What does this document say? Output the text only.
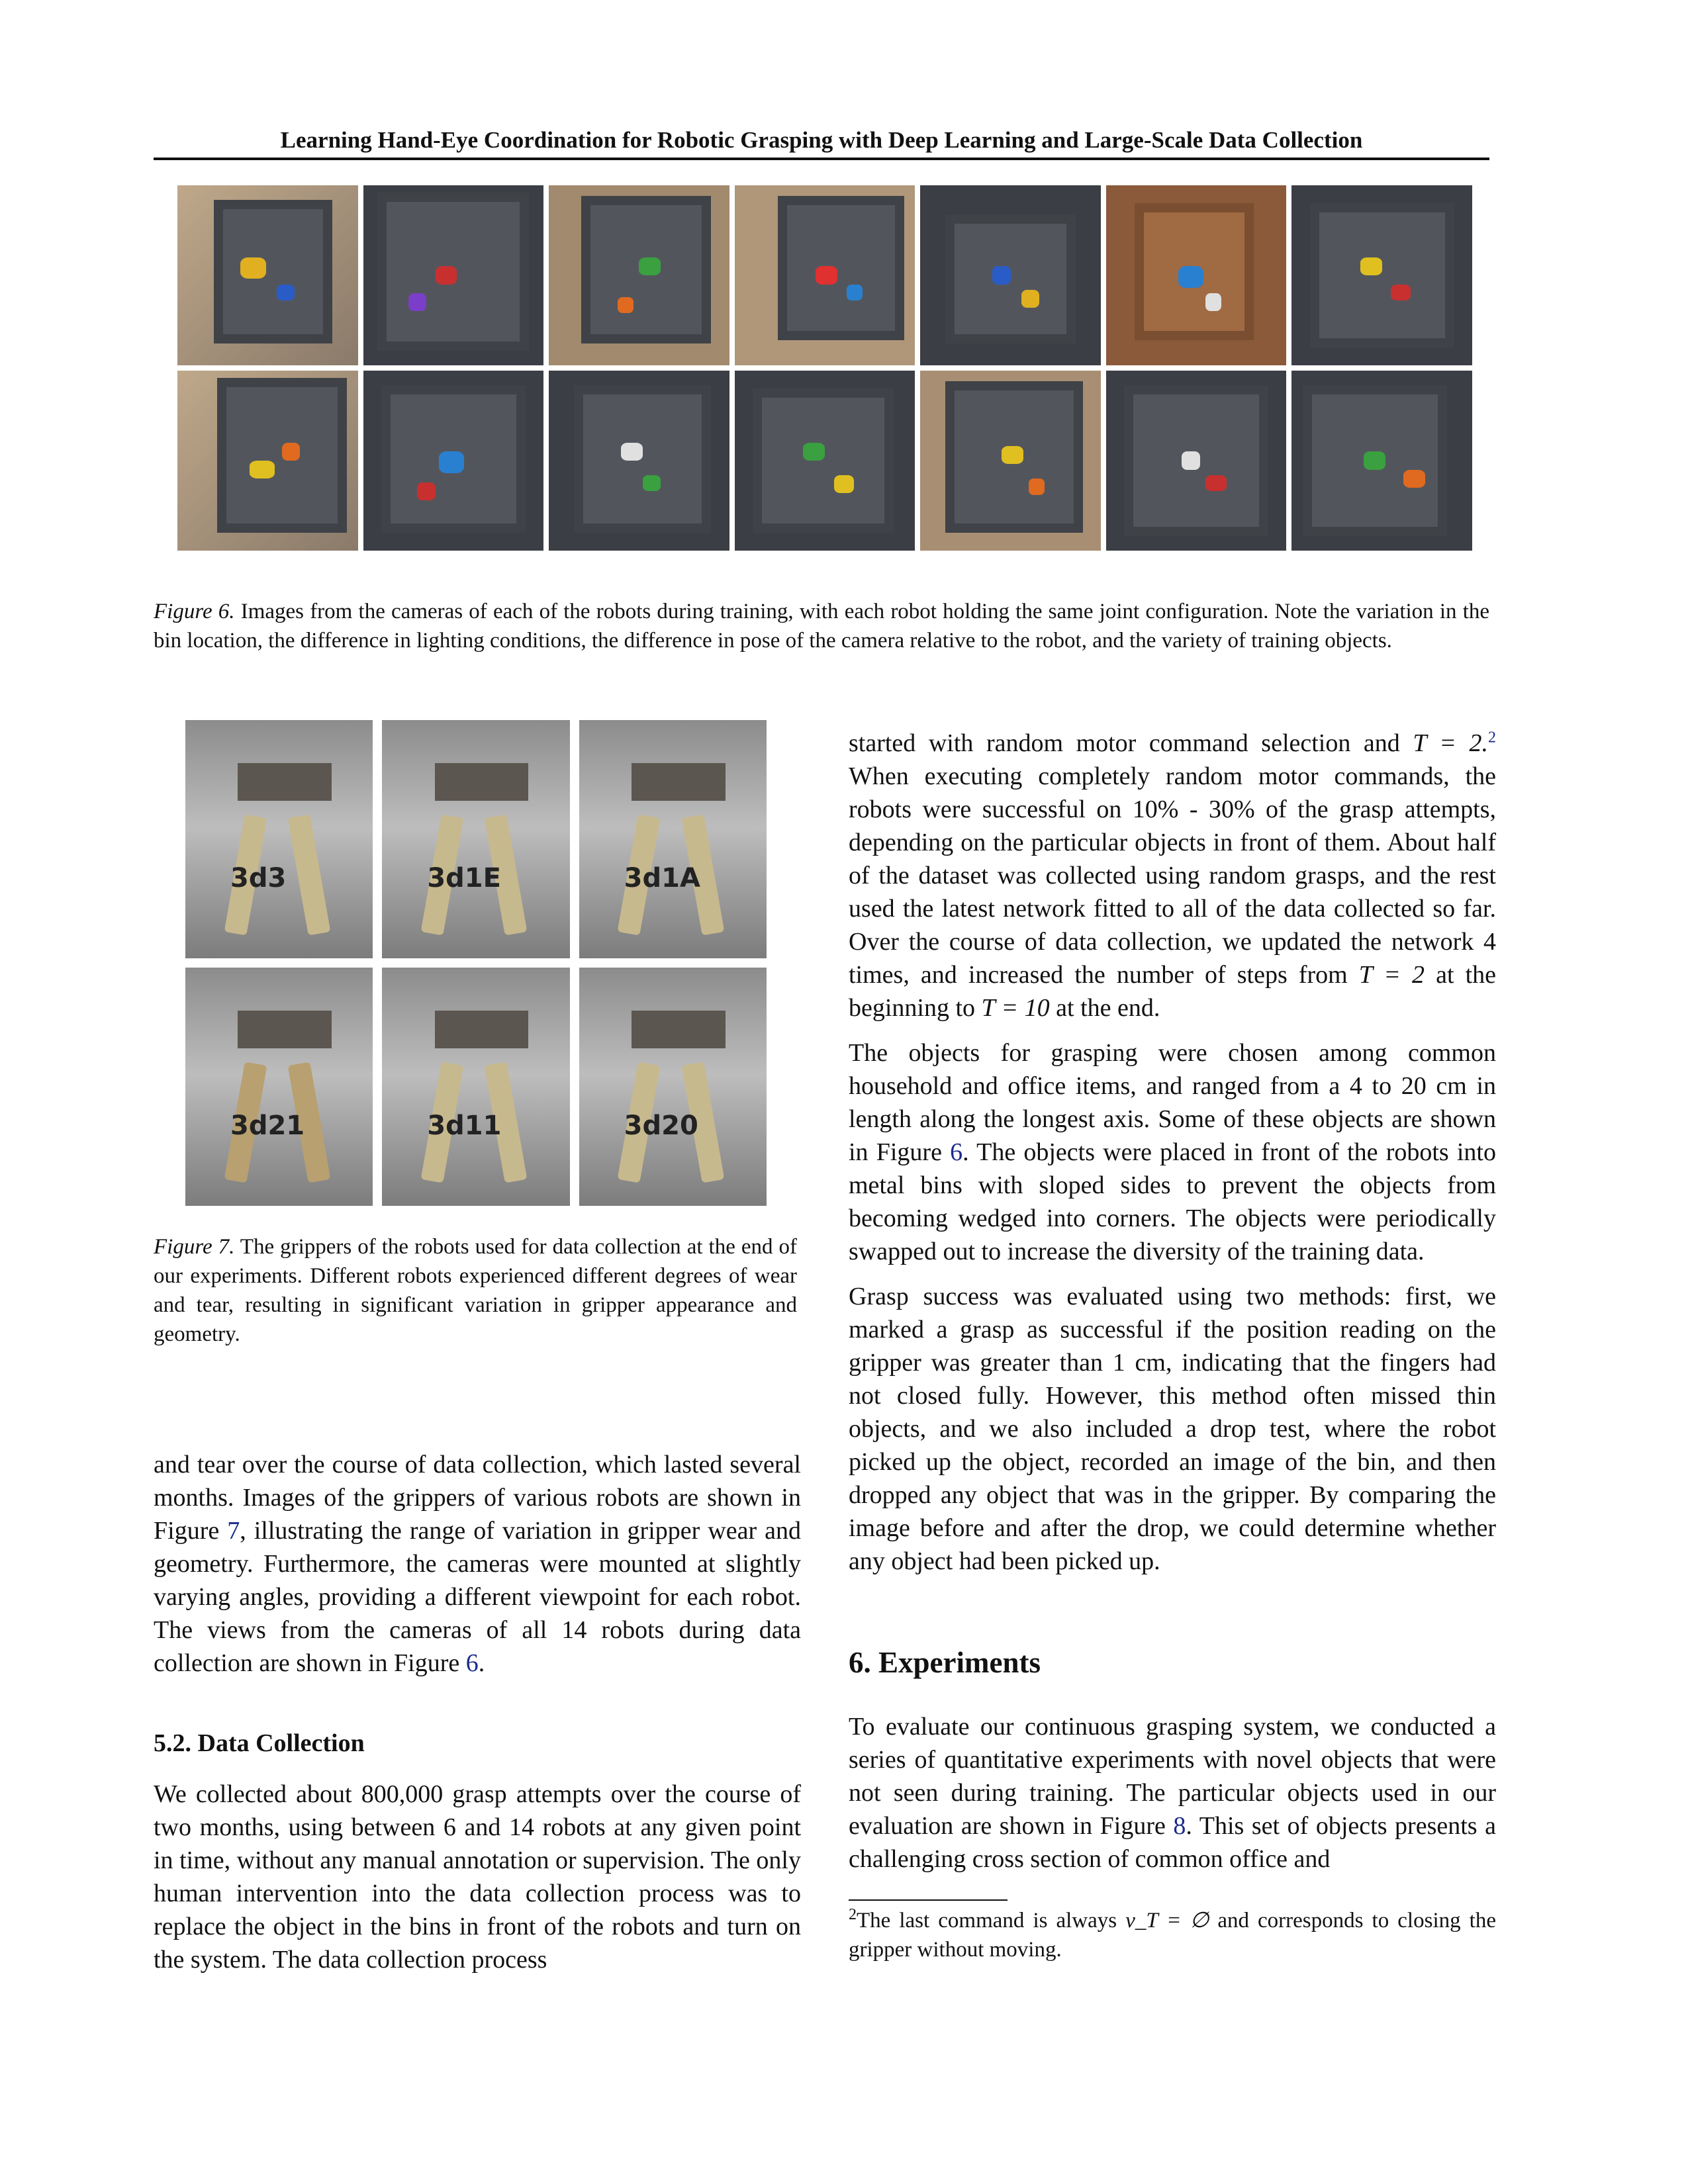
Learning Hand-Eye Coordination for Robotic Grasping with Deep Learning and Large-Scale Data Collection
Figure 6. Images from the cameras of each of the robots during training, with each robot holding the same joint configuration. Note the variation in the bin location, the difference in lighting conditions, the difference in pose of the camera relative to the robot, and the variety of training objects.
3d3	3d1E	3d1A
3d21	3d11	3d20
Figure 7. The grippers of the robots used for data collection at the end of our experiments. Different robots experienced different degrees of wear and tear, resulting in significant variation in gripper appearance and geometry.

started with random motor command selection and T = 2.$^2$ When executing completely random motor commands, the robots were successful on 10% - 30% of the grasp attempts, depending on the particular objects in front of them. About half of the dataset was collected using random grasps, and the rest used the latest network fitted to all of the data collected so far. Over the course of data collection, we updated the network 4 times, and increased the number of steps from T = 2 at the beginning to T = 10 at the end.

The objects for grasping were chosen among common household and office items, and ranged from a 4 to 20 cm in length along the longest axis. Some of these objects are shown in Figure 6. The objects were placed in front of the robots into metal bins with sloped sides to prevent the objects from becoming wedged into corners. The objects were periodically swapped out to increase the diversity of the training data.

Grasp success was evaluated using two methods: first, we marked a grasp as successful if the position reading on the gripper was greater than 1 cm, indicating that the fingers had not closed fully. However, this method often missed thin objects, and we also included a drop test, where the robot picked up the object, recorded an image of the bin, and then dropped any object that was in the gripper. By comparing the image before and after the drop, we could determine whether any object had been picked up.

6. Experiments

To evaluate our continuous grasping system, we conducted a series of quantitative experiments with novel objects that were not seen during training. The particular objects used in our evaluation are shown in Figure 8. This set of objects presents a challenging cross section of common office and

and tear over the course of data collection, which lasted several months. Images of the grippers of various robots are shown in Figure 7, illustrating the range of variation in gripper wear and geometry. Furthermore, the cameras were mounted at slightly varying angles, providing a different viewpoint for each robot. The views from the cameras of all 14 robots during data collection are shown in Figure 6.

5.2. Data Collection

We collected about 800,000 grasp attempts over the course of two months, using between 6 and 14 robots at any given point in time, without any manual annotation or supervision. The only human intervention into the data collection process was to replace the object in the bins in front of the robots and turn on the system. The data collection process

$^2$The last command is always v_T = ∅ and corresponds to closing the gripper without moving.
